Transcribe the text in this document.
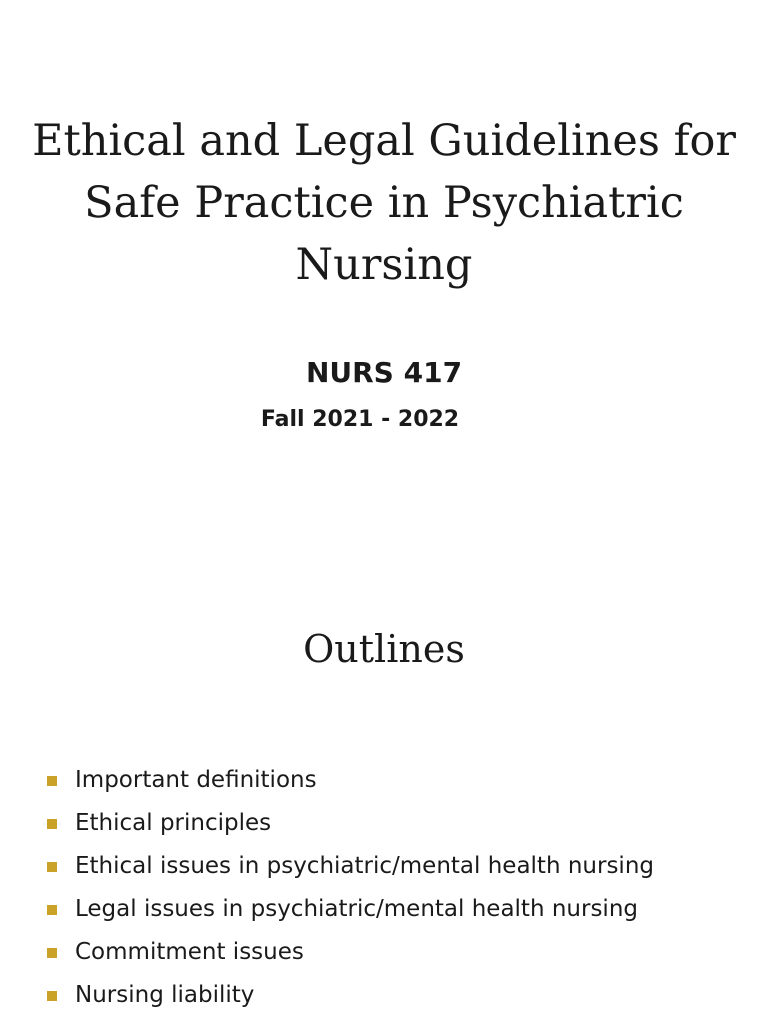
Ethical and Legal Guidelines for
Safe Practice in Psychiatric
Nursing
NURS 417
Fall 2021 - 2022
Outlines
Important definitions
Ethical principles
Ethical issues in psychiatric/mental health nursing
Legal issues in psychiatric/mental health nursing
Commitment issues
Nursing liability
